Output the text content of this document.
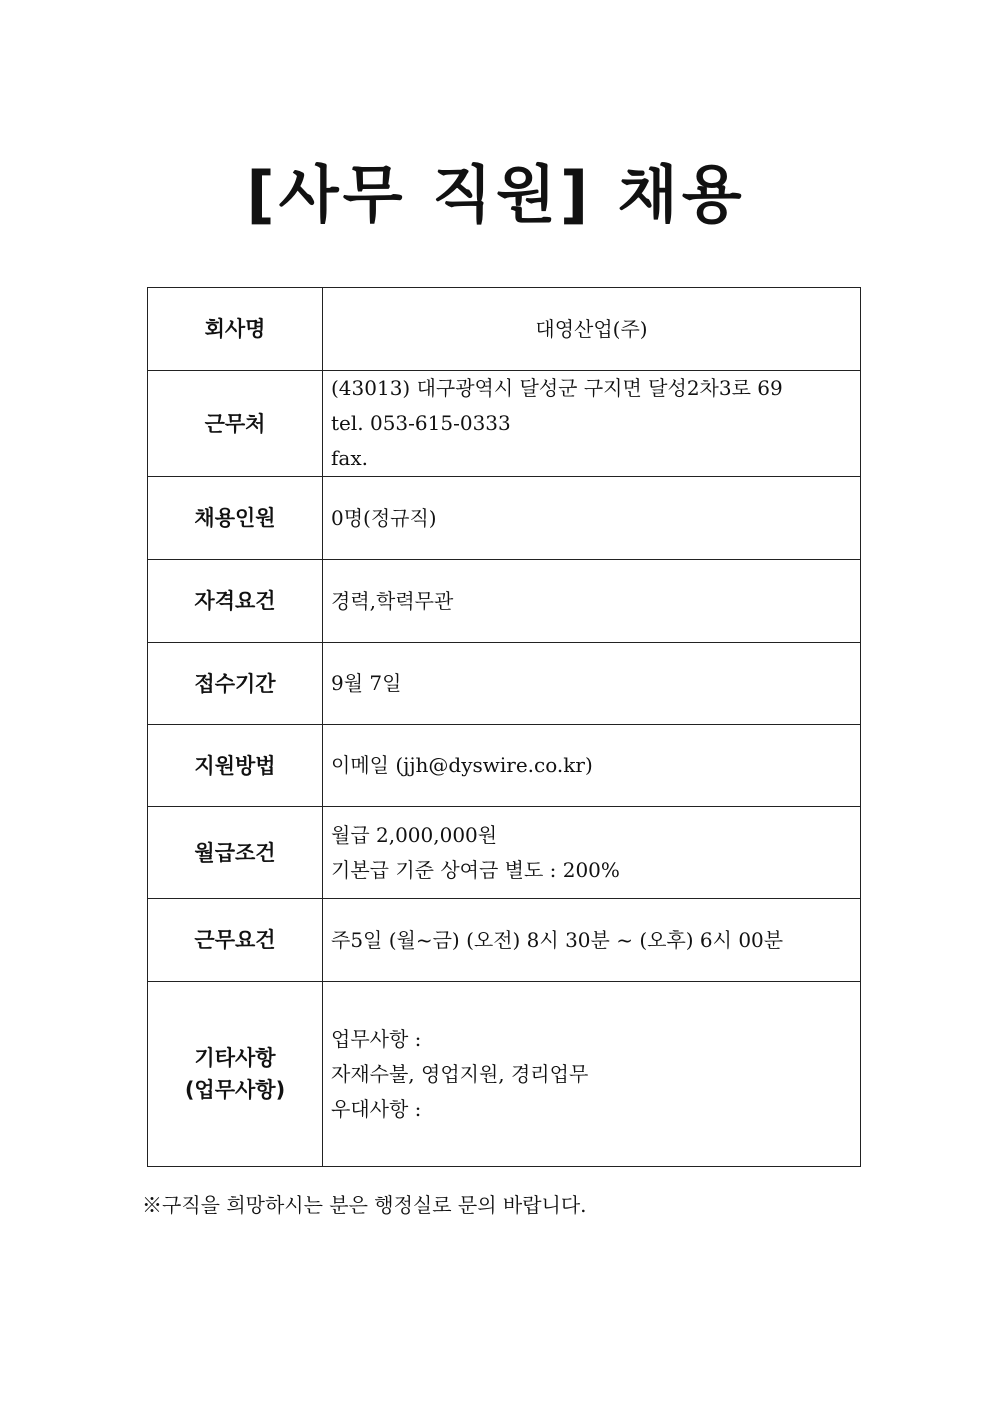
[사무 직원] 채용
회사명	대영산업(주)

근무처	(43013) 대구광역시 달성군 구지면 달성2차3로 69
tel. 053-615-0333
fax.

채용인원	0명(정규직)

자격요건	경력,학력무관

접수기간	9월 7일

지원방법	이메일 (jjh@dyswire.co.kr)

월급조건	월급 2,000,000원
기본급 기준 상여금 별도 : 200%

근무요건	주5일 (월~금) (오전) 8시 30분 ~ (오후) 6시 00분

기타사항
(업무사항)	업무사항 :
자재수불, 영업지원, 경리업무
우대사항 :
※구직을 희망하시는 분은 행정실로 문의 바랍니다.
